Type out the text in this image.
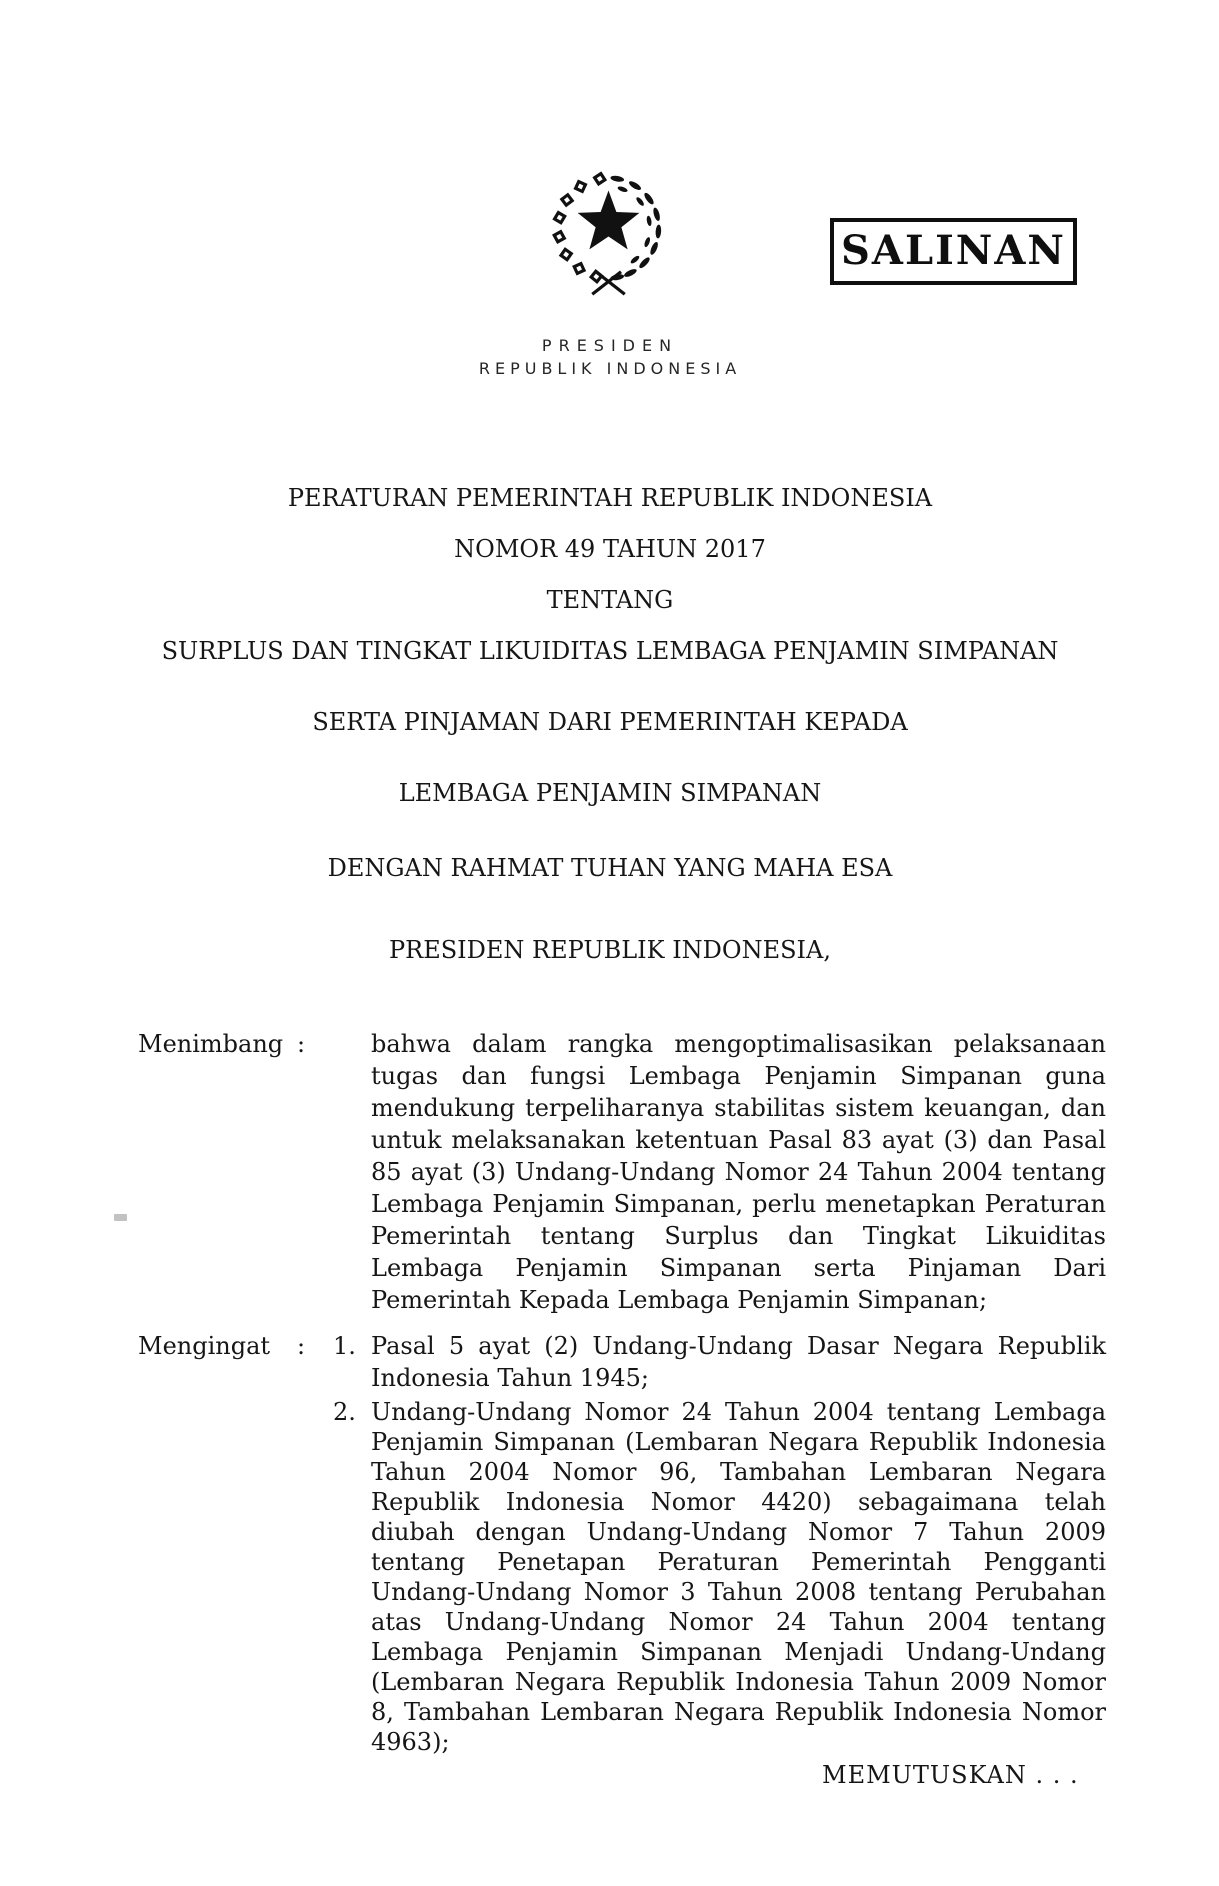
SALINAN
PRESIDEN
REPUBLIK INDONESIA
PERATURAN PEMERINTAH REPUBLIK INDONESIA
NOMOR 49 TAHUN 2017
TENTANG
SURPLUS DAN TINGKAT LIKUIDITAS LEMBAGA PENJAMIN SIMPANAN
SERTA PINJAMAN DARI PEMERINTAH KEPADA
LEMBAGA PENJAMIN SIMPANAN
DENGAN RAHMAT TUHAN YANG MAHA ESA
PRESIDEN REPUBLIK INDONESIA,
Menimbang :	bahwa dalam rangka mengoptimalisasikan pelaksanaan
tugas dan fungsi Lembaga Penjamin Simpanan guna
mendukung terpeliharanya stabilitas sistem keuangan, dan
untuk melaksanakan ketentuan Pasal 83 ayat (3) dan Pasal
85 ayat (3) Undang-Undang Nomor 24 Tahun 2004 tentang
Lembaga Penjamin Simpanan, perlu menetapkan Peraturan
Pemerintah tentang Surplus dan Tingkat Likuiditas
Lembaga Penjamin Simpanan serta Pinjaman Dari
Pemerintah Kepada Lembaga Penjamin Simpanan;
Mengingat : 1. Pasal 5 ayat (2) Undang-Undang Dasar Negara Republik
Indonesia Tahun 1945;
2. Undang-Undang Nomor 24 Tahun 2004 tentang Lembaga
Penjamin Simpanan (Lembaran Negara Republik Indonesia
Tahun 2004 Nomor 96, Tambahan Lembaran Negara
Republik Indonesia Nomor 4420) sebagaimana telah
diubah dengan Undang-Undang Nomor 7 Tahun 2009
tentang Penetapan Peraturan Pemerintah Pengganti
Undang-Undang Nomor 3 Tahun 2008 tentang Perubahan
atas Undang-Undang Nomor 24 Tahun 2004 tentang
Lembaga Penjamin Simpanan Menjadi Undang-Undang
(Lembaran Negara Republik Indonesia Tahun 2009 Nomor
8, Tambahan Lembaran Negara Republik Indonesia Nomor
4963);
MEMUTUSKAN . . .
